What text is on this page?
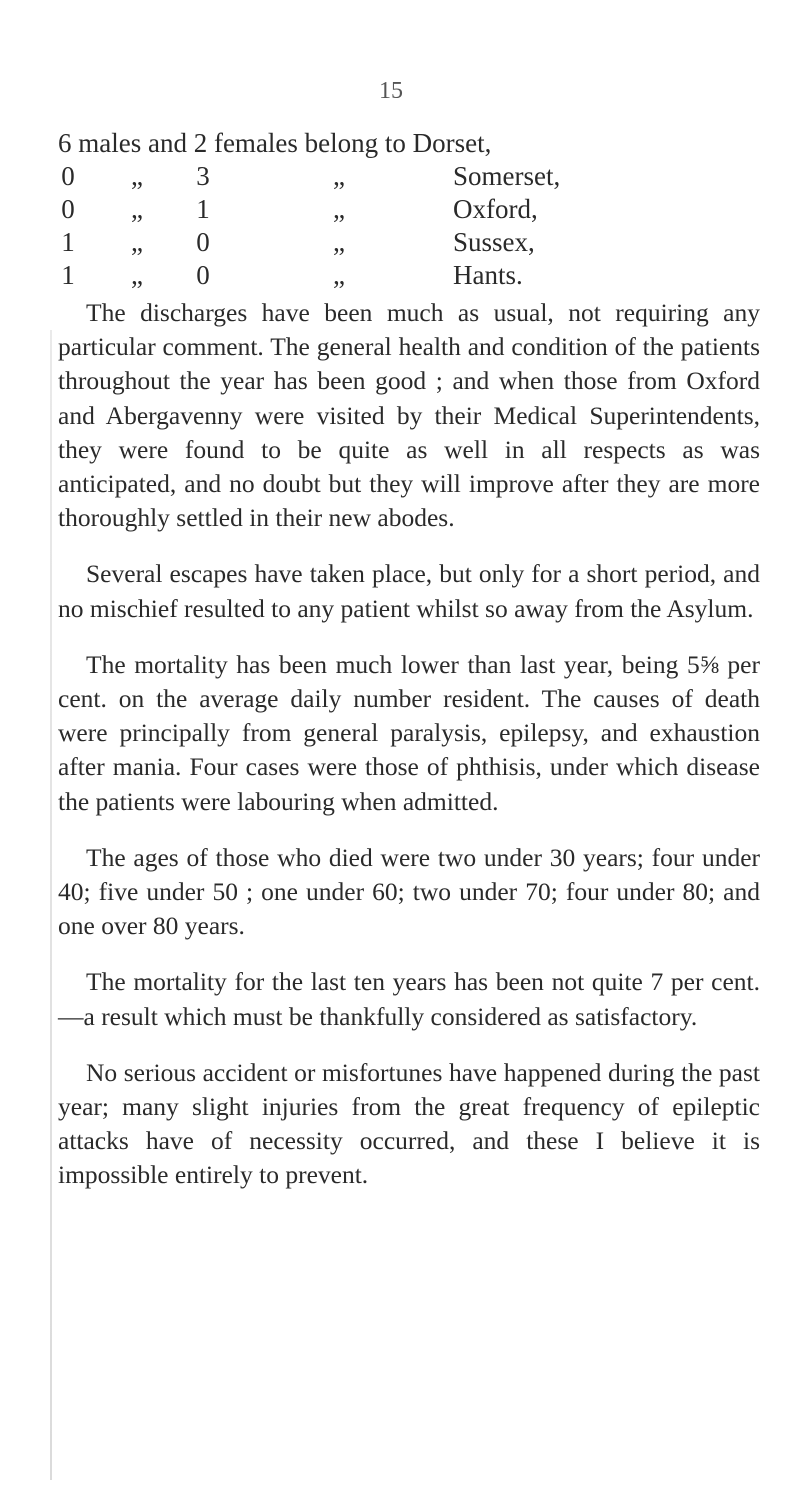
15
6 males and 2 females belong to Dorset,
0 „ 3	„	Somerset,
0 „ 1	„	Oxford,
1 „ 0	„	Sussex,
1 „ 0	„	Hants.

The discharges have been much as usual, not requiring any particular comment. The general health and condition of the patients throughout the year has been good ; and when those from Oxford and Abergavenny were visited by their Medical Superintendents, they were found to be quite as well in all respects as was anticipated, and no doubt but they will improve after they are more thoroughly settled in their new abodes.

Several escapes have taken place, but only for a short period, and no mischief resulted to any patient whilst so away from the Asylum.

The mortality has been much lower than last year, being 5⅝ per cent. on the average daily number resident. The causes of death were principally from general paralysis, epilepsy, and exhaustion after mania. Four cases were those of phthisis, under which disease the patients were labouring when admitted.

The ages of those who died were two under 30 years; four under 40; five under 50 ; one under 60; two under 70; four under 80; and one over 80 years.

The mortality for the last ten years has been not quite 7 per cent.—a result which must be thankfully considered as satisfactory.

No serious accident or misfortunes have happened during the past year; many slight injuries from the great frequency of epileptic attacks have of necessity occurred, and these I believe it is impossible entirely to prevent.
